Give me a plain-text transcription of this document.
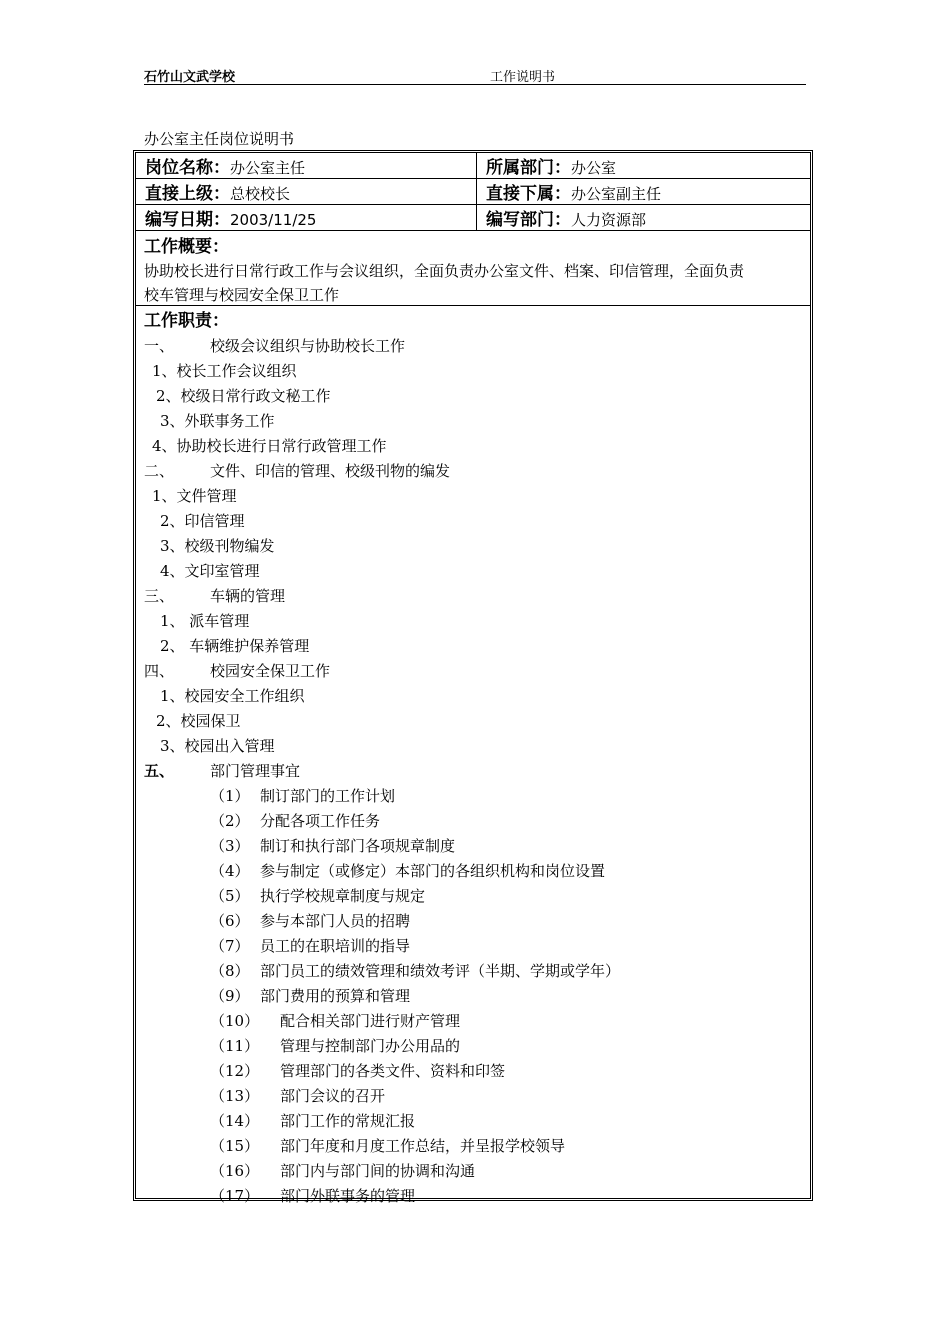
石竹山文武学校	工作说明书
办公室主任岗位说明书
岗位名称：办公室主任	所属部门：办公室
直接上级：总校校长	直接下属：办公室副主任
编写日期：2003/11/25	编写部门：人力资源部
工作概要：
协助校长进行日常行政工作与会议组织，全面负责办公室文件、档案、印信管理，全面负责
校车管理与校园安全保卫工作
工作职责：
一、 校级会议组织与协助校长工作
1、校长工作会议组织
2、校级日常行政文秘工作
3、外联事务工作
4、协助校长进行日常行政管理工作
二、 文件、印信的管理、校级刊物的编发
1、文件管理
2、印信管理
3、校级刊物编发
4、文印室管理
三、 车辆的管理
1、 派车管理
2、 车辆维护保养管理
四、 校园安全保卫工作
1、校园安全工作组织
2、校园保卫
3、校园出入管理
五、 部门管理事宜
（1） 制订部门的工作计划
（2） 分配各项工作任务
（3） 制订和执行部门各项规章制度
（4） 参与制定（或修定）本部门的各组织机构和岗位设置
（5） 执行学校规章制度与规定
（6） 参与本部门人员的招聘
（7） 员工的在职培训的指导
（8） 部门员工的绩效管理和绩效考评（半期、学期或学年）
（9） 部门费用的预算和管理
（10） 配合相关部门进行财产管理
（11） 管理与控制部门办公用品的
（12） 管理部门的各类文件、资料和印签
（13） 部门会议的召开
（14） 部门工作的常规汇报
（15） 部门年度和月度工作总结，并呈报学校领导
（16） 部门内与部门间的协调和沟通
（17） 部门外联事务的管理
